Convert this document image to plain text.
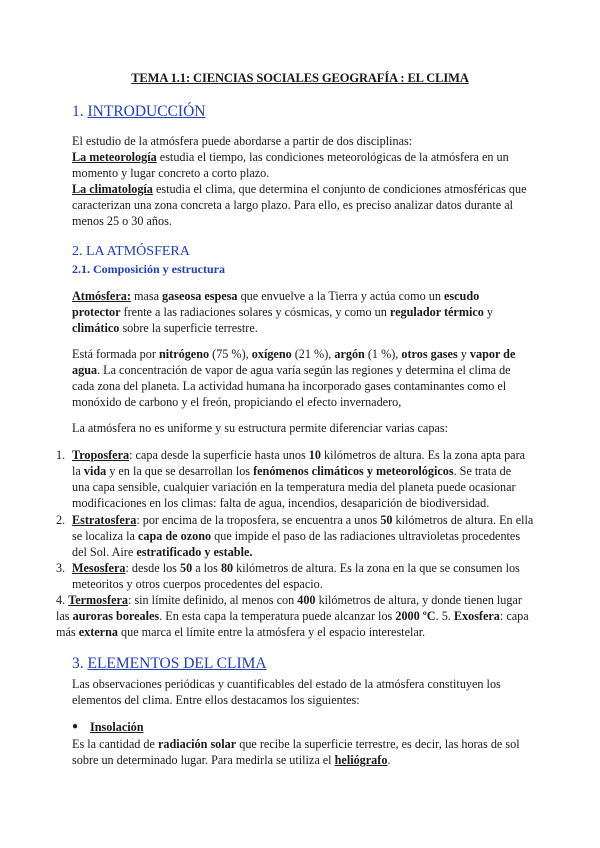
TEMA 1.1: CIENCIAS SOCIALES GEOGRAFÍA : EL CLIMA
1. INTRODUCCIÓN
El estudio de la atmósfera puede abordarse a partir de dos disciplinas:
La meteorología estudia el tiempo, las condiciones meteorológicas de la atmósfera en un
momento y lugar concreto a corto plazo.
La climatología estudia el clima, que determina el conjunto de condiciones atmosféricas que
caracterizan una zona concreta a largo plazo. Para ello, es preciso analizar datos durante al
menos 25 o 30 años.
2. LA ATMÓSFERA
2.1. Composición y estructura
Atmósfera: masa gaseosa espesa que envuelve a la Tierra y actúa como un escudo
protector frente a las radiaciones solares y cósmicas, y como un regulador térmico y
climático sobre la superficie terrestre.
Está formada por nitrógeno (75 %), oxígeno (21 %), argón (1 %), otros gases y vapor de
agua. La concentración de vapor de agua varía según las regiones y determina el clima de
cada zona del planeta. La actividad humana ha incorporado gases contaminantes como el
monóxido de carbono y el freón, propiciando el efecto invernadero,
La atmósfera no es uniforme y su estructura permite diferenciar varias capas:
1. Troposfera: capa desde la superficie hasta unos 10 kilómetros de altura. Es la zona apta para
la vida y en la que se desarrollan los fenómenos climáticos y meteorológicos. Se trata de
una capa sensible, cualquier variación en la temperatura media del planeta puede ocasionar
modificaciones en los climas: falta de agua, incendios, desaparición de biodiversidad.
2. Estratosfera: por encima de la troposfera, se encuentra a unos 50 kilómetros de altura. En ella
se localiza la capa de ozono que impide el paso de las radiaciones ultravioletas procedentes
del Sol. Aire estratificado y estable.
3. Mesosfera: desde los 50 a los 80 kilómetros de altura. Es la zona en la que se consumen los
meteoritos y otros cuerpos procedentes del espacio.
4. Termosfera: sin límite definido, al menos con 400 kilómetros de altura, y donde tienen lugar
las auroras boreales. En esta capa la temperatura puede alcanzar los 2000 ºC. 5. Exosfera: capa
más externa que marca el límite entre la atmósfera y el espacio interestelar.
3. ELEMENTOS DEL CLIMA
Las observaciones periódicas y cuantificables del estado de la atmósfera constituyen los
elementos del clima. Entre ellos destacamos los siguientes:
● Insolación
Es la cantidad de radiación solar que recibe la superficie terrestre, es decir, las horas de sol
sobre un determinado lugar. Para medirla se utiliza el heliógrafo.
